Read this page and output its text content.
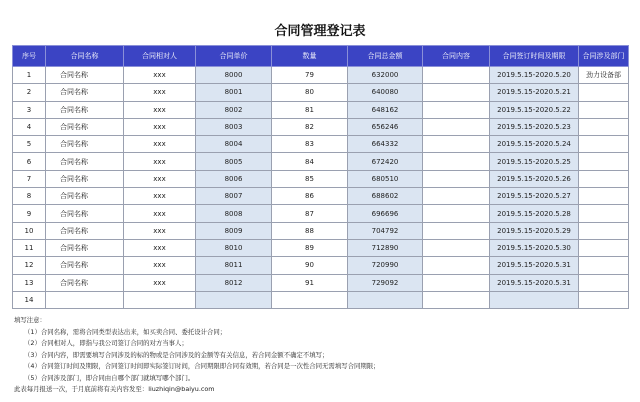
合同管理登记表
序号	合同名称	合同相对人	合同单价	数量	合同总金额	合同内容	合同签订时间及期限	合同涉及部门
1	合同名称	xxx	8000	79	632000		2019.5.15-2020.5.20	劲力设备部
2	合同名称	xxx	8001	80	640080		2019.5.15-2020.5.21	
3	合同名称	xxx	8002	81	648162		2019.5.15-2020.5.22	
4	合同名称	xxx	8003	82	656246		2019.5.15-2020.5.23	
5	合同名称	xxx	8004	83	664332		2019.5.15-2020.5.24	
6	合同名称	xxx	8005	84	672420		2019.5.15-2020.5.25	
7	合同名称	xxx	8006	85	680510		2019.5.15-2020.5.26	
8	合同名称	xxx	8007	86	688602		2019.5.15-2020.5.27	
9	合同名称	xxx	8008	87	696696		2019.5.15-2020.5.28	
10	合同名称	xxx	8009	88	704792		2019.5.15-2020.5.29	
11	合同名称	xxx	8010	89	712890		2019.5.15-2020.5.30	
12	合同名称	xxx	8011	90	720990		2019.5.15-2020.5.31	
13	合同名称	xxx	8012	91	729092		2019.5.15-2020.5.31	
14								
填写注意：
（1）合同名称，需将合同类型表达出来，如买卖合同、委托设计合同；
（2）合同相对人，即指与我公司签订合同的对方当事人；
（3）合同内容，即需要填写合同涉及的标的物或是合同涉及的金额等有关信息，若合同金额不确定不填写；
（4）合同签订时间及期限，合同签订时间即实际签订时间，合同期限即合同有效期，若合同是一次性合同无需填写合同期限；
（5）合同涉及部门，即合同由自哪个部门就填写哪个部门。
此表每月报送一次，于月底前将有关内容发至：liuzhiqin@baiyu.com
